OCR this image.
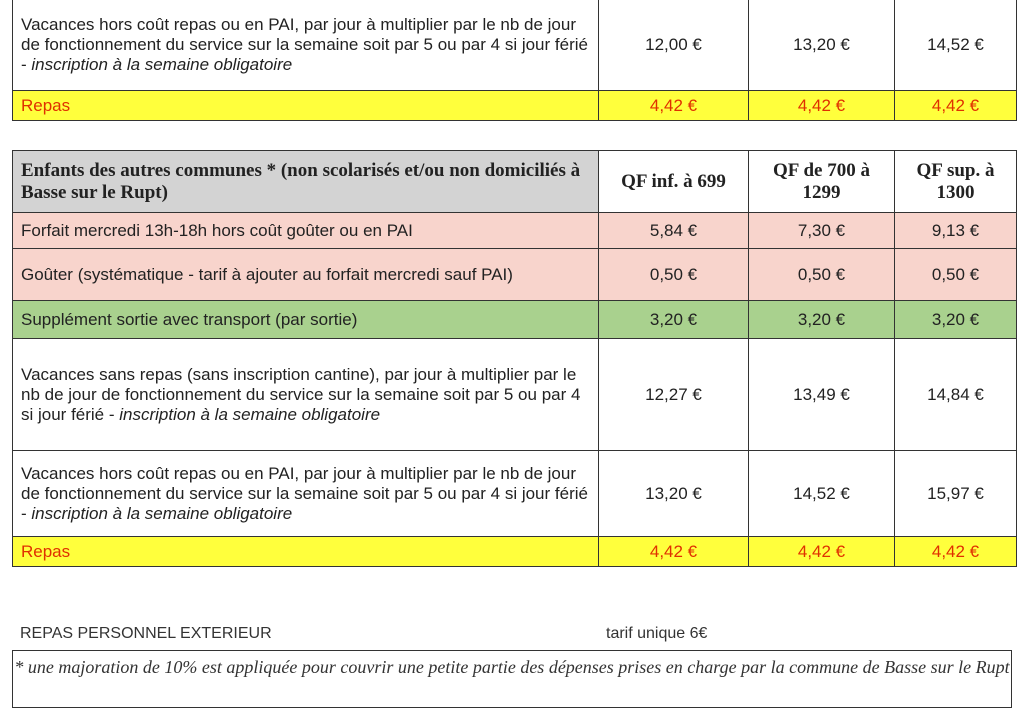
Vacances hors coût repas ou en PAI, par jour à multiplier par le nb de jour de fonctionnement du service sur la semaine soit par 5 ou par 4 si jour férié - inscription à la semaine obligatoire	12,00 €	13,20 €	14,52 €
Repas	4,42 €	4,42 €	4,42 €
Enfants des autres communes * (non scolarisés et/ou non domiciliés à Basse sur le Rupt)	QF inf. à 699	QF de 700 à 1299	QF sup. à 1300
Forfait mercredi 13h-18h hors coût goûter ou en PAI	5,84 €	7,30 €	9,13 €
Goûter (systématique - tarif à ajouter au forfait mercredi sauf PAI)	0,50 €	0,50 €	0,50 €
Supplément sortie avec transport (par sortie)	3,20 €	3,20 €	3,20 €
Vacances sans repas (sans inscription cantine), par jour à multiplier par le nb de jour de fonctionnement du service sur la semaine soit par 5 ou par 4 si jour férié - inscription à la semaine obligatoire	12,27 €	13,49 €	14,84 €
Vacances hors coût repas ou en PAI, par jour à multiplier par le nb de jour de fonctionnement du service sur la semaine soit par 5 ou par 4 si jour férié - inscription à la semaine obligatoire	13,20 €	14,52 €	15,97 €
Repas	4,42 €	4,42 €	4,42 €
REPAS PERSONNEL EXTERIEUR	tarif unique 6€
* une majoration de 10% est appliquée pour couvrir une petite partie des dépenses prises en charge par la commune de Basse sur le Rupt
